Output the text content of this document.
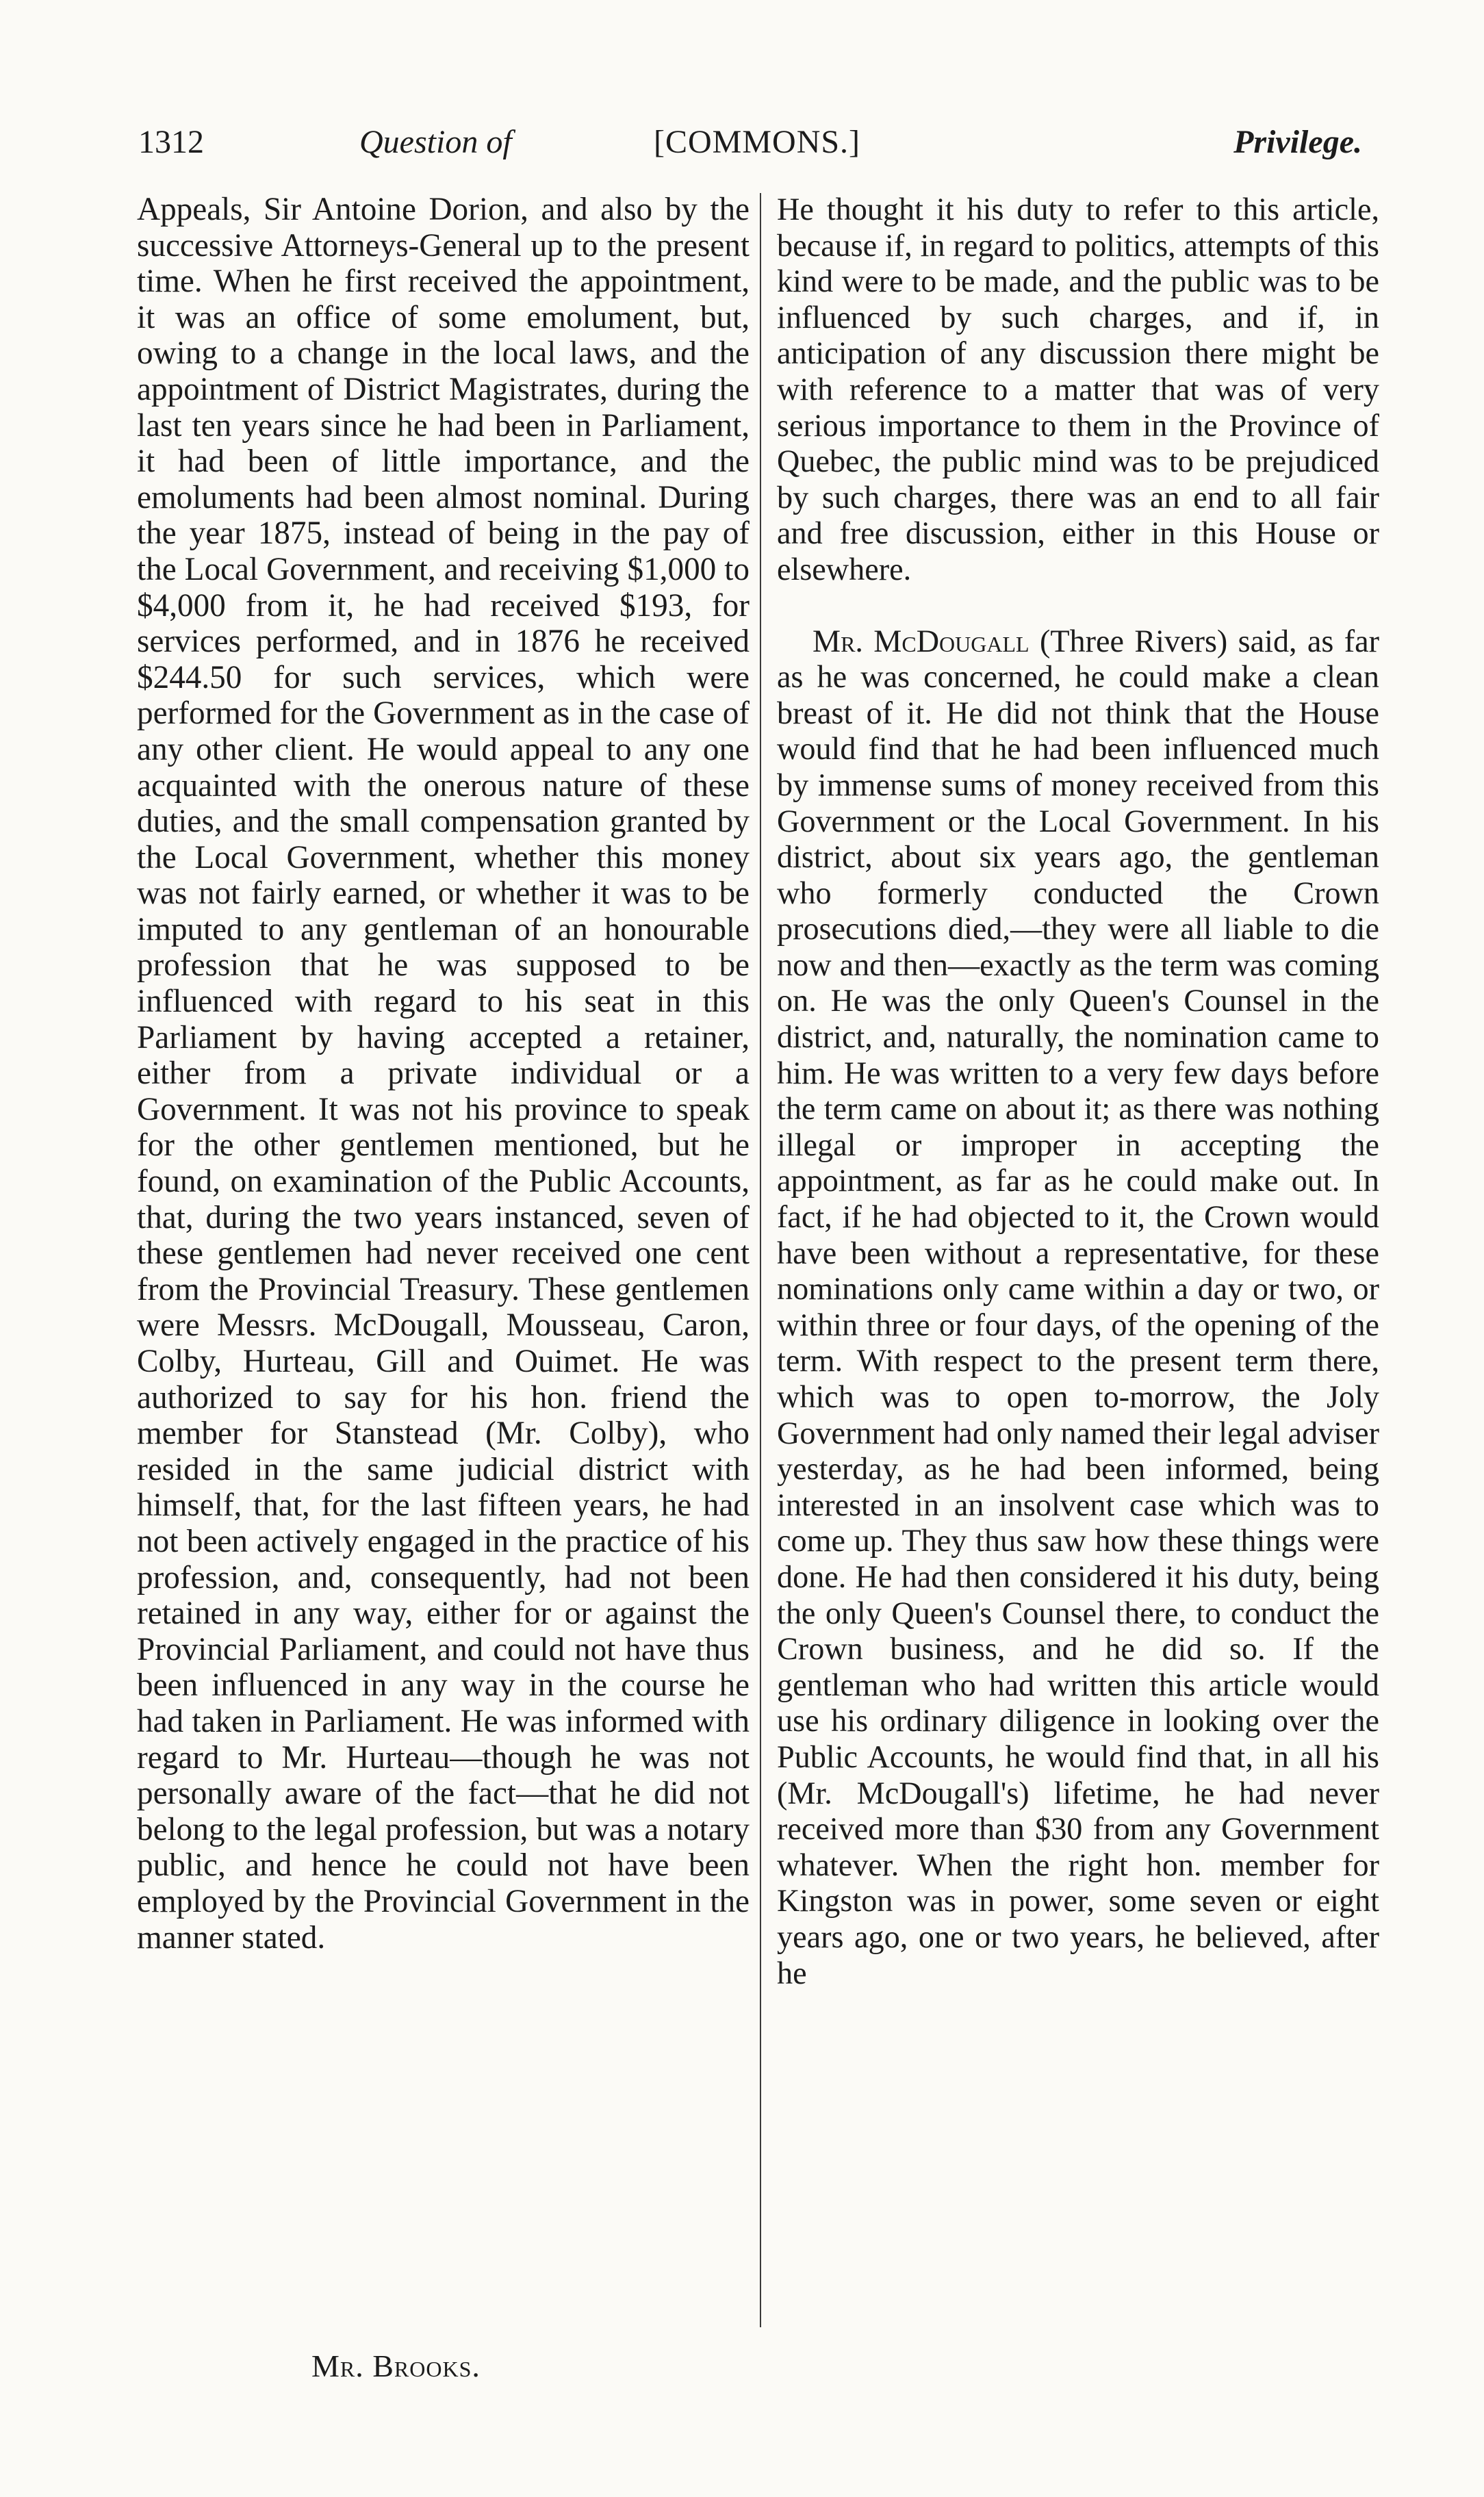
1312	Question of	[COMMONS.]	Privilege.

Appeals, Sir Antoine Dorion, and also by the successive Attorneys-General up to the present time. When he first received the appointment, it was an office of some emolument, but, owing to a change in the local laws, and the appointment of District Magistrates, during the last ten years since he had been in Parliament, it had been of little importance, and the emoluments had been almost nominal. During the year 1875, instead of being in the pay of the Local Government, and receiving $1,000 to $4,000 from it, he had received $193, for services performed, and in 1876 he received $244.50 for such services, which were performed for the Government as in the case of any other client. He would appeal to any one acquainted with the onerous nature of these duties, and the small compensation granted by the Local Government, whether this money was not fairly earned, or whether it was to be imputed to any gentleman of an honourable profession that he was supposed to be influenced with regard to his seat in this Parliament by having accepted a retainer, either from a private individual or a Government. It was not his province to speak for the other gentlemen mentioned, but he found, on examination of the Public Accounts, that, during the two years instanced, seven of these gentlemen had never received one cent from the Provincial Treasury. These gentlemen were Messrs. McDougall, Mousseau, Caron, Colby, Hurteau, Gill and Ouimet. He was authorized to say for his hon. friend the member for Stanstead (Mr. Colby), who resided in the same judicial district with himself, that, for the last fifteen years, he had not been actively engaged in the practice of his profession, and, consequently, had not been retained in any way, either for or against the Provincial Parliament, and could not have thus been influenced in any way in the course he had taken in Parliament. He was informed with regard to Mr. Hurteau—though he was not personally aware of the fact—that he did not belong to the legal profession, but was a notary public, and hence he could not have been employed by the Provincial Government in the manner stated.

He thought it his duty to refer to this article, because if, in regard to politics, attempts of this kind were to be made, and the public was to be influenced by such charges, and if, in anticipation of any discussion there might be with reference to a matter that was of very serious importance to them in the Province of Quebec, the public mind was to be prejudiced by such charges, there was an end to all fair and free discussion, either in this House or elsewhere.

Mr. McDougall (Three Rivers) said, as far as he was concerned, he could make a clean breast of it. He did not think that the House would find that he had been influenced much by immense sums of money received from this Government or the Local Government. In his district, about six years ago, the gentleman who formerly conducted the Crown prosecutions died,—they were all liable to die now and then—exactly as the term was coming on. He was the only Queen's Counsel in the district, and, naturally, the nomination came to him. He was written to a very few days before the term came on about it; as there was nothing illegal or improper in accepting the appointment, as far as he could make out. In fact, if he had objected to it, the Crown would have been without a representative, for these nominations only came within a day or two, or within three or four days, of the opening of the term. With respect to the present term there, which was to open to-morrow, the Joly Government had only named their legal adviser yesterday, as he had been informed, being interested in an insolvent case which was to come up. They thus saw how these things were done. He had then considered it his duty, being the only Queen's Counsel there, to conduct the Crown business, and he did so. If the gentleman who had written this article would use his ordinary diligence in looking over the Public Accounts, he would find that, in all his (Mr. McDougall's) lifetime, he had never received more than $30 from any Government whatever. When the right hon. member for Kingston was in power, some seven or eight years ago, one or two years, he believed, after he

Mr. Brooks.
